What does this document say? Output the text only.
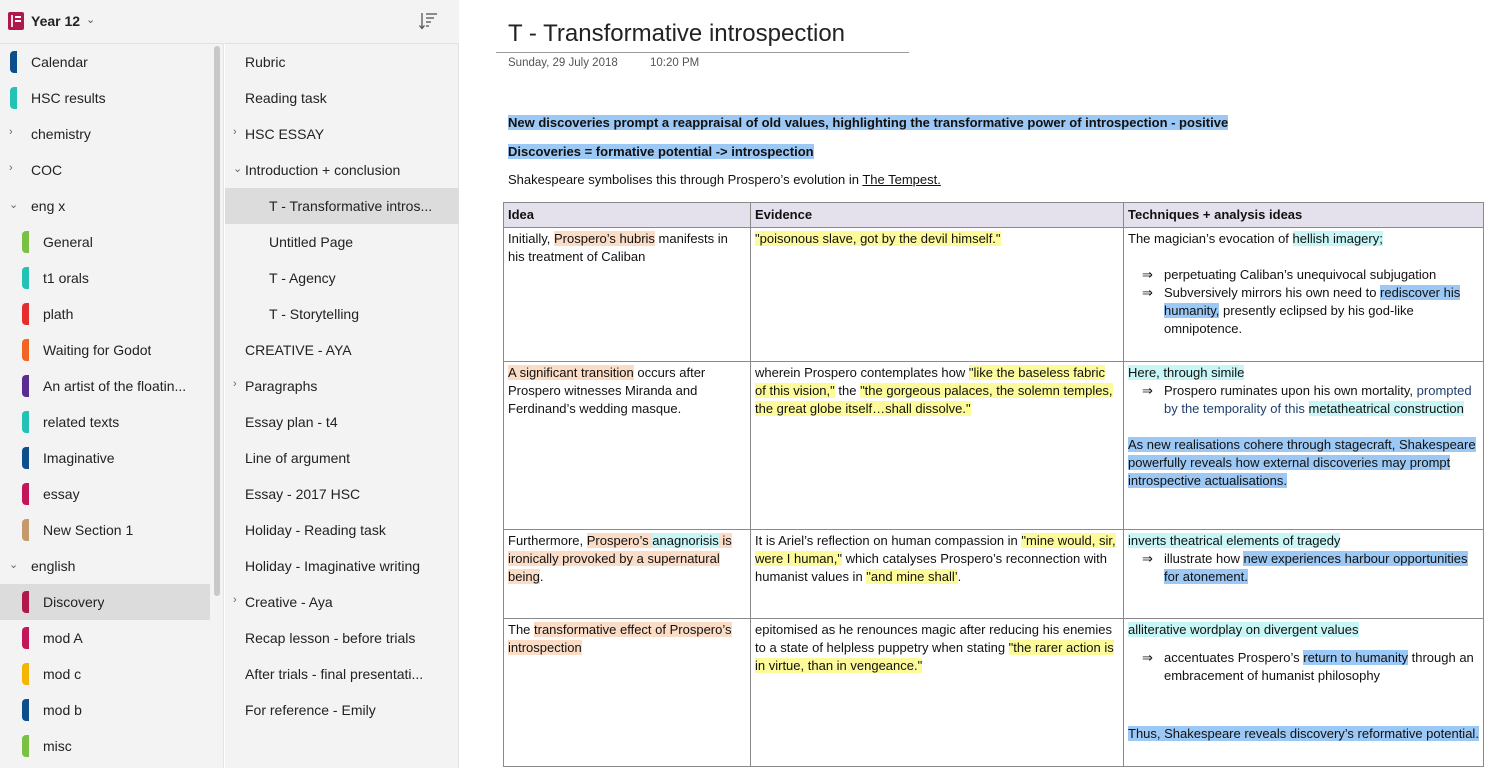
Year 12 ⌄
Calendar
HSC results
› chemistry
› COC
⌄ eng x
General
t1 orals
plath
Waiting for Godot
An artist of the floatin...
related texts
Imaginative
essay
New Section 1
⌄ english
Discovery
mod A
mod c
mod b
misc
Rubric
Reading task
› HSC ESSAY
⌄ Introduction + conclusion
T - Transformative intros...
Untitled Page
T - Agency
T - Storytelling
CREATIVE - AYA
› Paragraphs
Essay plan - t4
Line of argument
Essay - 2017 HSC
Holiday - Reading task
Holiday - Imaginative writing
› Creative - Aya
Recap lesson - before trials
After trials - final presentati...
For reference - Emily
T - Transformative introspection
Sunday, 29 July 2018	10:20 PM
New discoveries prompt a reappraisal of old values, highlighting the transformative power of introspection - positive
Discoveries = formative potential -> introspection
Shakespeare symbolises this through Prospero’s evolution in The Tempest.
Idea	Evidence	Techniques + analysis ideas
Initially, Prospero’s hubris manifests in his treatment of Caliban	"poisonous slave, got by the devil himself."	The magician’s evocation of hellish imagery;
⇒ perpetuating Caliban’s unequivocal subjugation
⇒ Subversively mirrors his own need to rediscover his humanity, presently eclipsed by his god-like omnipotence.

A significant transition occurs after Prospero witnesses Miranda and Ferdinand’s wedding masque.	wherein Prospero contemplates how "like the baseless fabric of this vision," the "the gorgeous palaces, the solemn temples, the great globe itself…shall dissolve."	Here, through simile
⇒ Prospero ruminates upon his own mortality, prompted by the temporality of this metatheatrical construction
As new realisations cohere through stagecraft, Shakespeare powerfully reveals how external discoveries may prompt introspective actualisations.

Furthermore, Prospero’s anagnorisis is ironically provoked by a supernatural being.	It is Ariel’s reflection on human compassion in "mine would, sir, were I human," which catalyses Prospero’s reconnection with humanist values in "and mine shall’.	inverts theatrical elements of tragedy
⇒ illustrate how new experiences harbour opportunities for atonement.

The transformative effect of Prospero’s introspection	epitomised as he renounces magic after reducing his enemies to a state of helpless puppetry when stating "the rarer action is in virtue, than in vengeance."	alliterative wordplay on divergent values
⇒ accentuates Prospero’s return to humanity through an embracement of humanist philosophy
Thus, Shakespeare reveals discovery’s reformative potential.
